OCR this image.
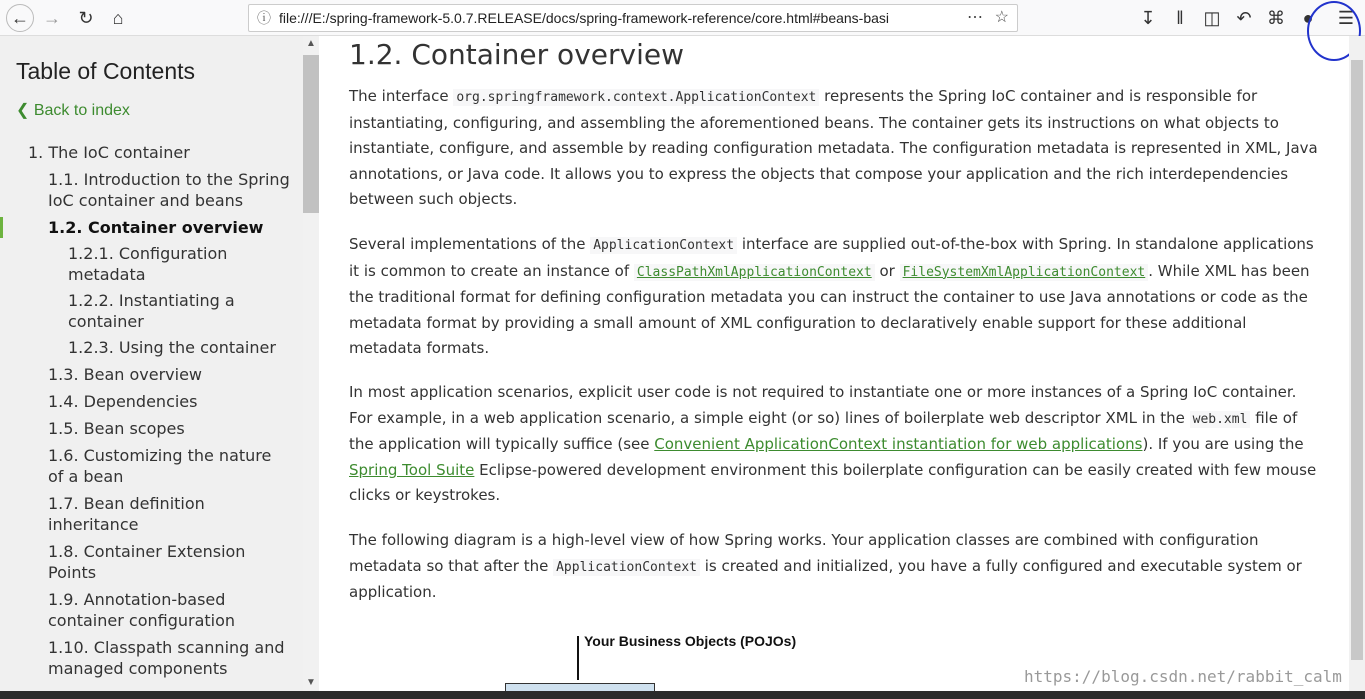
← → ↻	⌂	ⓘ file:///E:/spring-framework-5.0.7.RELEASE/docs/spring-framework-reference/core.html#beans-basi	⋯ ☆	↧	‖	◫ ↶ ⌘ ●	☰
Table of Contents
❮ Back to index
1. The IoC container
1.1. Introduction to the Spring IoC container and beans
1.2. Container overview
1.2.1. Configuration metadata
1.2.2. Instantiating a container
1.2.3. Using the container
1.3. Bean overview
1.4. Dependencies
1.5. Bean scopes
1.6. Customizing the nature of a bean
1.7. Bean definition inheritance
1.8. Container Extension Points
1.9. Annotation-based container configuration
1.10. Classpath scanning and managed components
▲
▼
1.2. Container overview
The interface org.springframework.context.ApplicationContext represents the Spring IoC container and is responsible for instantiating, configuring, and assembling the aforementioned beans. The container gets its instructions on what objects to instantiate, configure, and assemble by reading configuration metadata. The configuration metadata is represented in XML, Java annotations, or Java code. It allows you to express the objects that compose your application and the rich interdependencies between such objects.
Several implementations of the ApplicationContext interface are supplied out-of-the-box with Spring. In standalone applications it is common to create an instance of ClassPathXmlApplicationContext or FileSystemXmlApplicationContext . While XML has been the traditional format for defining configuration metadata you can instruct the container to use Java annotations or code as the metadata format by providing a small amount of XML configuration to declaratively enable support for these additional metadata formats.
In most application scenarios, explicit user code is not required to instantiate one or more instances of a Spring IoC container. For example, in a web application scenario, a simple eight (or so) lines of boilerplate web descriptor XML in the web.xml file of the application will typically suffice (see Convenient ApplicationContext instantiation for web applications). If you are using the Spring Tool Suite Eclipse-powered development environment this boilerplate configuration can be easily created with few mouse clicks or keystrokes.
The following diagram is a high-level view of how Spring works. Your application classes are combined with configuration metadata so that after the ApplicationContext is created and initialized, you have a fully configured and executable system or application.
Your Business Objects (POJOs)
https://blog.csdn.net/rabbit_calm
